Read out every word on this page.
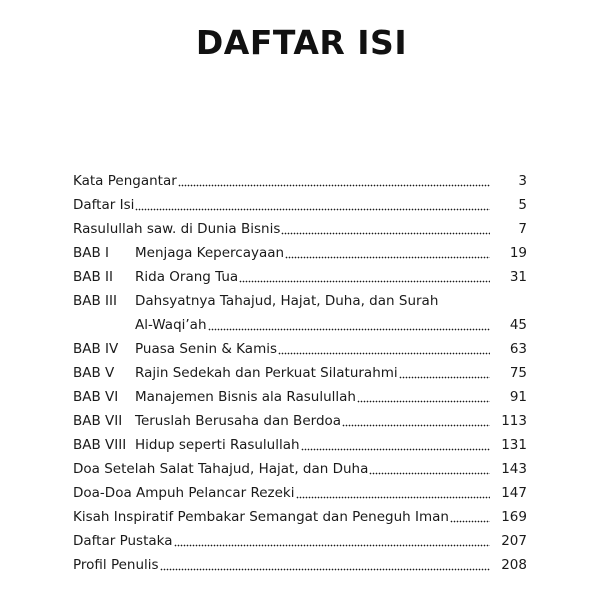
DAFTAR ISI
Kata Pengantar	3
Daftar Isi	5
Rasulullah saw. di Dunia Bisnis	7
BAB I	Menjaga Kepercayaan	19
BAB II	Rida Orang Tua	31
BAB III	Dahsyatnya Tahajud, Hajat, Duha, dan Surah
Al-Waqi’ah	45
BAB IV	Puasa Senin & Kamis	63
BAB V	Rajin Sedekah dan Perkuat Silaturahmi	75
BAB VI	Manajemen Bisnis ala Rasulullah	91
BAB VII Teruslah Berusaha dan Berdoa	113
BAB VIII Hidup seperti Rasulullah	131
Doa Setelah Salat Tahajud, Hajat, dan Duha	143
Doa-Doa Ampuh Pelancar Rezeki	147
Kisah Inspiratif Pembakar Semangat dan Peneguh Iman	169
Daftar Pustaka	207
Profil Penulis	208
